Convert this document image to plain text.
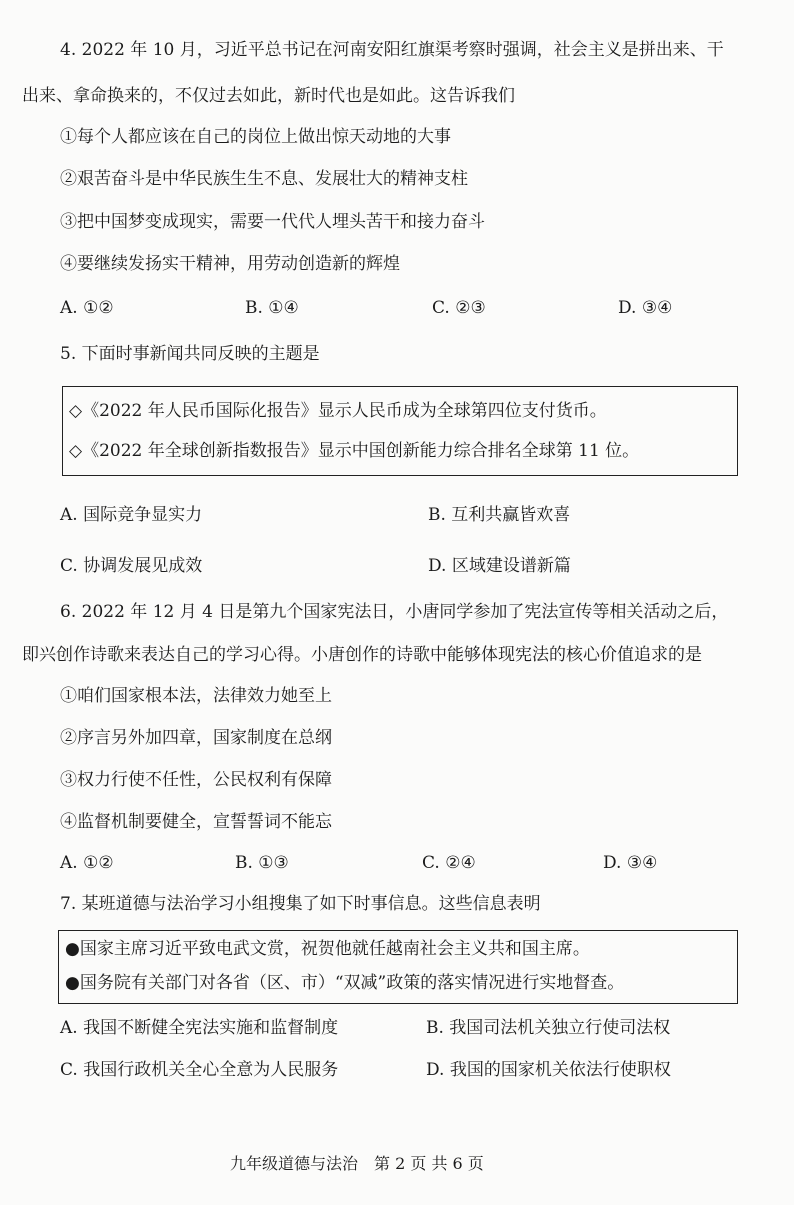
4. 2022 年 10 月，习近平总书记在河南安阳红旗渠考察时强调，社会主义是拼出来、干
出来、拿命换来的，不仅过去如此，新时代也是如此。这告诉我们
①每个人都应该在自己的岗位上做出惊天动地的大事
②艰苦奋斗是中华民族生生不息、发展壮大的精神支柱
③把中国梦变成现实，需要一代代人埋头苦干和接力奋斗
④要继续发扬实干精神，用劳动创造新的辉煌
A. ①②	B. ①④	C. ②③	D. ③④
5. 下面时事新闻共同反映的主题是
◇《2022 年人民币国际化报告》显示人民币成为全球第四位支付货币。
◇《2022 年全球创新指数报告》显示中国创新能力综合排名全球第 11 位。
A. 国际竞争显实力	B. 互利共赢皆欢喜
C. 协调发展见成效	D. 区域建设谱新篇
6. 2022 年 12 月 4 日是第九个国家宪法日，小唐同学参加了宪法宣传等相关活动之后，
即兴创作诗歌来表达自己的学习心得。小唐创作的诗歌中能够体现宪法的核心价值追求的是
①咱们国家根本法，法律效力她至上
②序言另外加四章，国家制度在总纲
③权力行使不任性，公民权利有保障
④监督机制要健全，宣誓誓词不能忘
A. ①②	B. ①③	C. ②④	D. ③④
7. 某班道德与法治学习小组搜集了如下时事信息。这些信息表明
●国家主席习近平致电武文赏，祝贺他就任越南社会主义共和国主席。
●国务院有关部门对各省（区、市）“双减”政策的落实情况进行实地督查。
A. 我国不断健全宪法实施和监督制度	B. 我国司法机关独立行使司法权
C. 我国行政机关全心全意为人民服务	D. 我国的国家机关依法行使职权
九年级道德与法治　第 2 页 共 6 页
